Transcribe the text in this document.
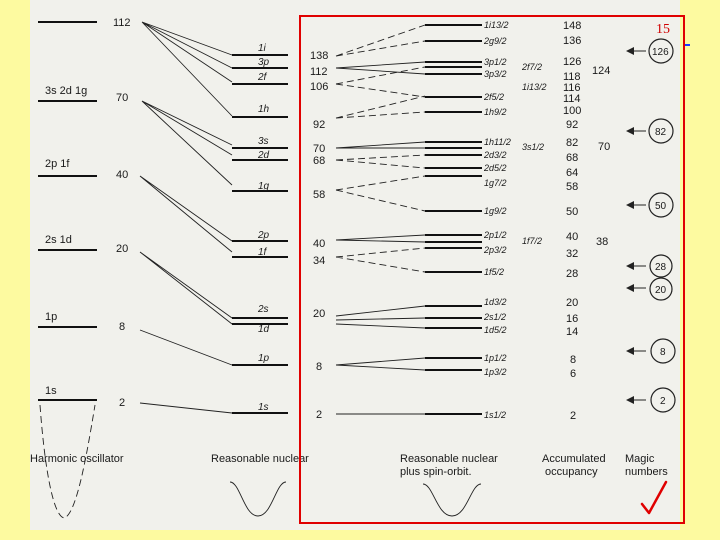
15
112
3s 2d 1g
70
2p 1f
40
2s 1d
20
1p
8
1s
2
Harmonic oscillator
1i
3p
2f
1h
3s
2d
1g
2p
1f
2s
1d
1p
1s
Reasonable nuclear
138
112
106
92
70
68
58
40
34
20
8
2
1i13/2
2g9/2
3p1/2
3p3/2
2f5/2
1h9/2
1h11/2
2d3/2
2d5/2
1g7/2
1g9/2
2p1/2
2p3/2
1f5/2
1f7/2
1d3/2
2s1/2
1d5/2
1p1/2
1p3/2
1s1/2
2f7/2
1i13/2
3s1/2
Reasonable nuclear
plus spin-orbit.
148
136
126
118
116
114
100
92
82
68
64
58
50
40
32
28
20
16
14
8
6
2
124
70
38
Accumulated
occupancy
126
82
50
28
20
8
2
Magic
numbers
